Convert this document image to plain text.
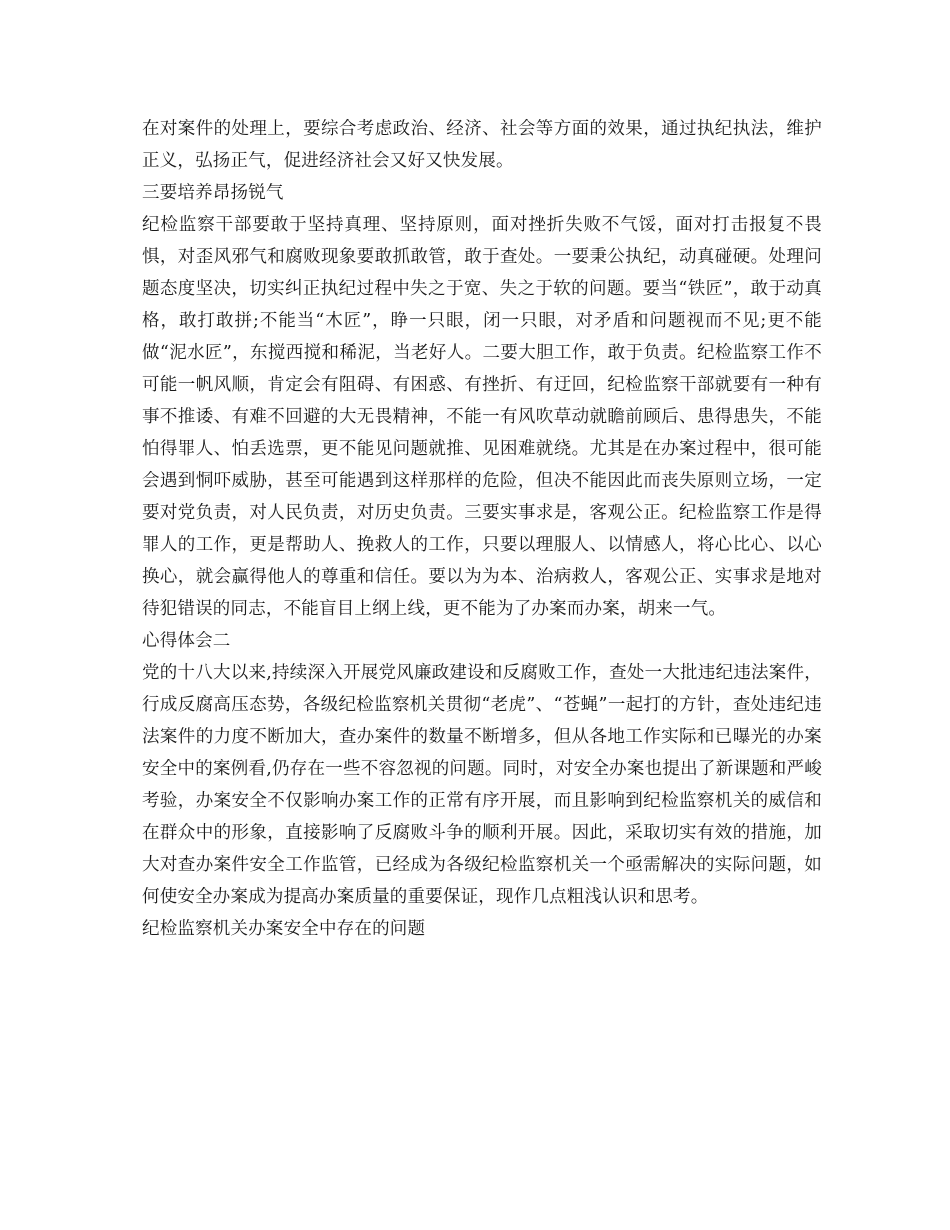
在对案件的处理上，要综合考虑政治、经济、社会等方面的效果，通过执纪执法，维护正义，弘扬正气，促进经济社会又好又快发展。

三要培养昂扬锐气

纪检监察干部要敢于坚持真理、坚持原则，面对挫折失败不气馁，面对打击报复不畏惧，对歪风邪气和腐败现象要敢抓敢管，敢于查处。一要秉公执纪，动真碰硬。处理问题态度坚决，切实纠正执纪过程中失之于宽、失之于软的问题。要当“铁匠”，敢于动真格，敢打敢拼;不能当“木匠”，睁一只眼，闭一只眼，对矛盾和问题视而不见;更不能做“泥水匠”，东搅西搅和稀泥，当老好人。二要大胆工作，敢于负责。纪检监察工作不可能一帆风顺，肯定会有阻碍、有困惑、有挫折、有迂回，纪检监察干部就要有一种有事不推诿、有难不回避的大无畏精神，不能一有风吹草动就瞻前顾后、患得患失，不能怕得罪人、怕丢选票，更不能见问题就推、见困难就绕。尤其是在办案过程中，很可能会遇到恫吓威胁，甚至可能遇到这样那样的危险，但决不能因此而丧失原则立场，一定要对党负责，对人民负责，对历史负责。三要实事求是，客观公正。纪检监察工作是得罪人的工作，更是帮助人、挽救人的工作，只要以理服人、以情感人，将心比心、以心换心，就会赢得他人的尊重和信任。要以为为本、治病救人，客观公正、实事求是地对待犯错误的同志，不能盲目上纲上线，更不能为了办案而办案，胡来一气。

心得体会二

党的十八大以来,持续深入开展党风廉政建设和反腐败工作，查处一大批违纪违法案件，行成反腐高压态势，各级纪检监察机关贯彻“老虎”、“苍蝇”一起打的方针，查处违纪违法案件的力度不断加大，查办案件的数量不断增多，但从各地工作实际和已曝光的办案安全中的案例看,仍存在一些不容忽视的问题。同时，对安全办案也提出了新课题和严峻考验，办案安全不仅影响办案工作的正常有序开展，而且影响到纪检监察机关的威信和在群众中的形象，直接影响了反腐败斗争的顺利开展。因此，采取切实有效的措施，加大对查办案件安全工作监管，已经成为各级纪检监察机关一个亟需解决的实际问题，如何使安全办案成为提高办案质量的重要保证，现作几点粗浅认识和思考。

纪检监察机关办案安全中存在的问题
